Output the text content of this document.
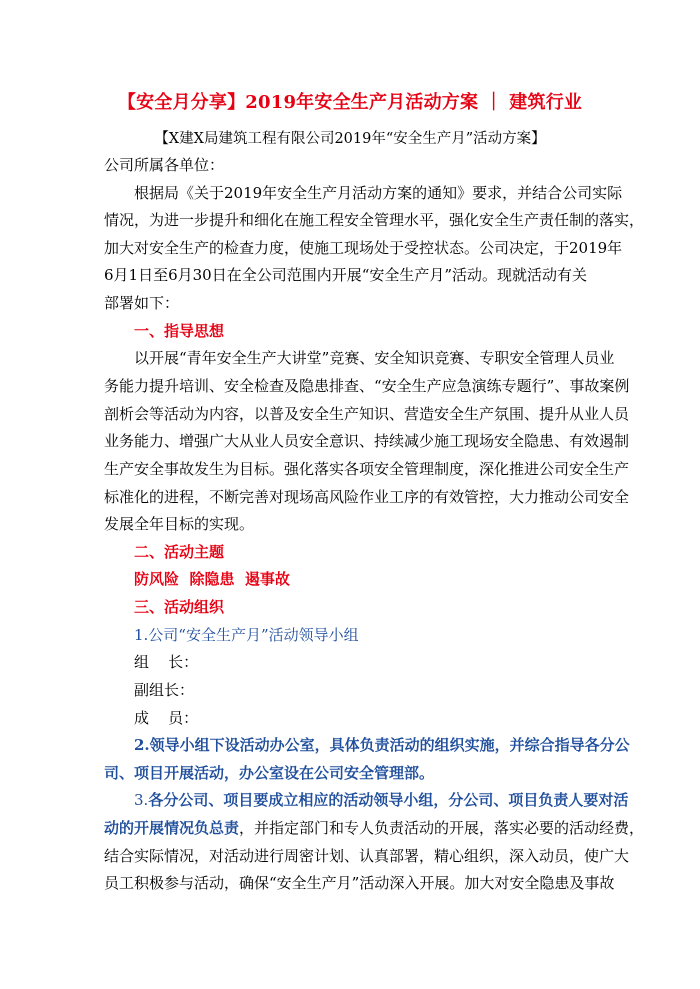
【安全月分享】2019年安全生产月活动方案 ｜ 建筑行业
【X建X局建筑工程有限公司2019年“安全生产月”活动方案】
公司所属各单位：
根据局《关于2019年安全生产月活动方案的通知》要求，并结合公司实际
情况，为进一步提升和细化在施工程安全管理水平，强化安全生产责任制的落实，
加大对安全生产的检查力度，使施工现场处于受控状态。公司决定，于2019年
6月1日至6月30日在全公司范围内开展“安全生产月”活动。现就活动有关
部署如下：
一、指导思想
以开展“青年安全生产大讲堂”竞赛、安全知识竞赛、专职安全管理人员业
务能力提升培训、安全检查及隐患排查、“安全生产应急演练专题行”、事故案例
剖析会等活动为内容，以普及安全生产知识、营造安全生产氛围、提升从业人员
业务能力、增强广大从业人员安全意识、持续减少施工现场安全隐患、有效遏制
生产安全事故发生为目标。强化落实各项安全管理制度，深化推进公司安全生产
标准化的进程，不断完善对现场高风险作业工序的有效管控，大力推动公司安全
发展全年目标的实现。
二、活动主题
防风险  除隐患  遏事故
三、活动组织
1.公司“安全生产月”活动领导小组
组    长：
副组长：
成    员：
2.领导小组下设活动办公室，具体负责活动的组织实施，并综合指导各分公
司、项目开展活动，办公室设在公司安全管理部。
3.各分公司、项目要成立相应的活动领导小组，分公司、项目负责人要对活
动的开展情况负总责，并指定部门和专人负责活动的开展，落实必要的活动经费，
结合实际情况，对活动进行周密计划、认真部署，精心组织，深入动员，使广大
员工积极参与活动，确保“安全生产月”活动深入开展。加大对安全隐患及事故
